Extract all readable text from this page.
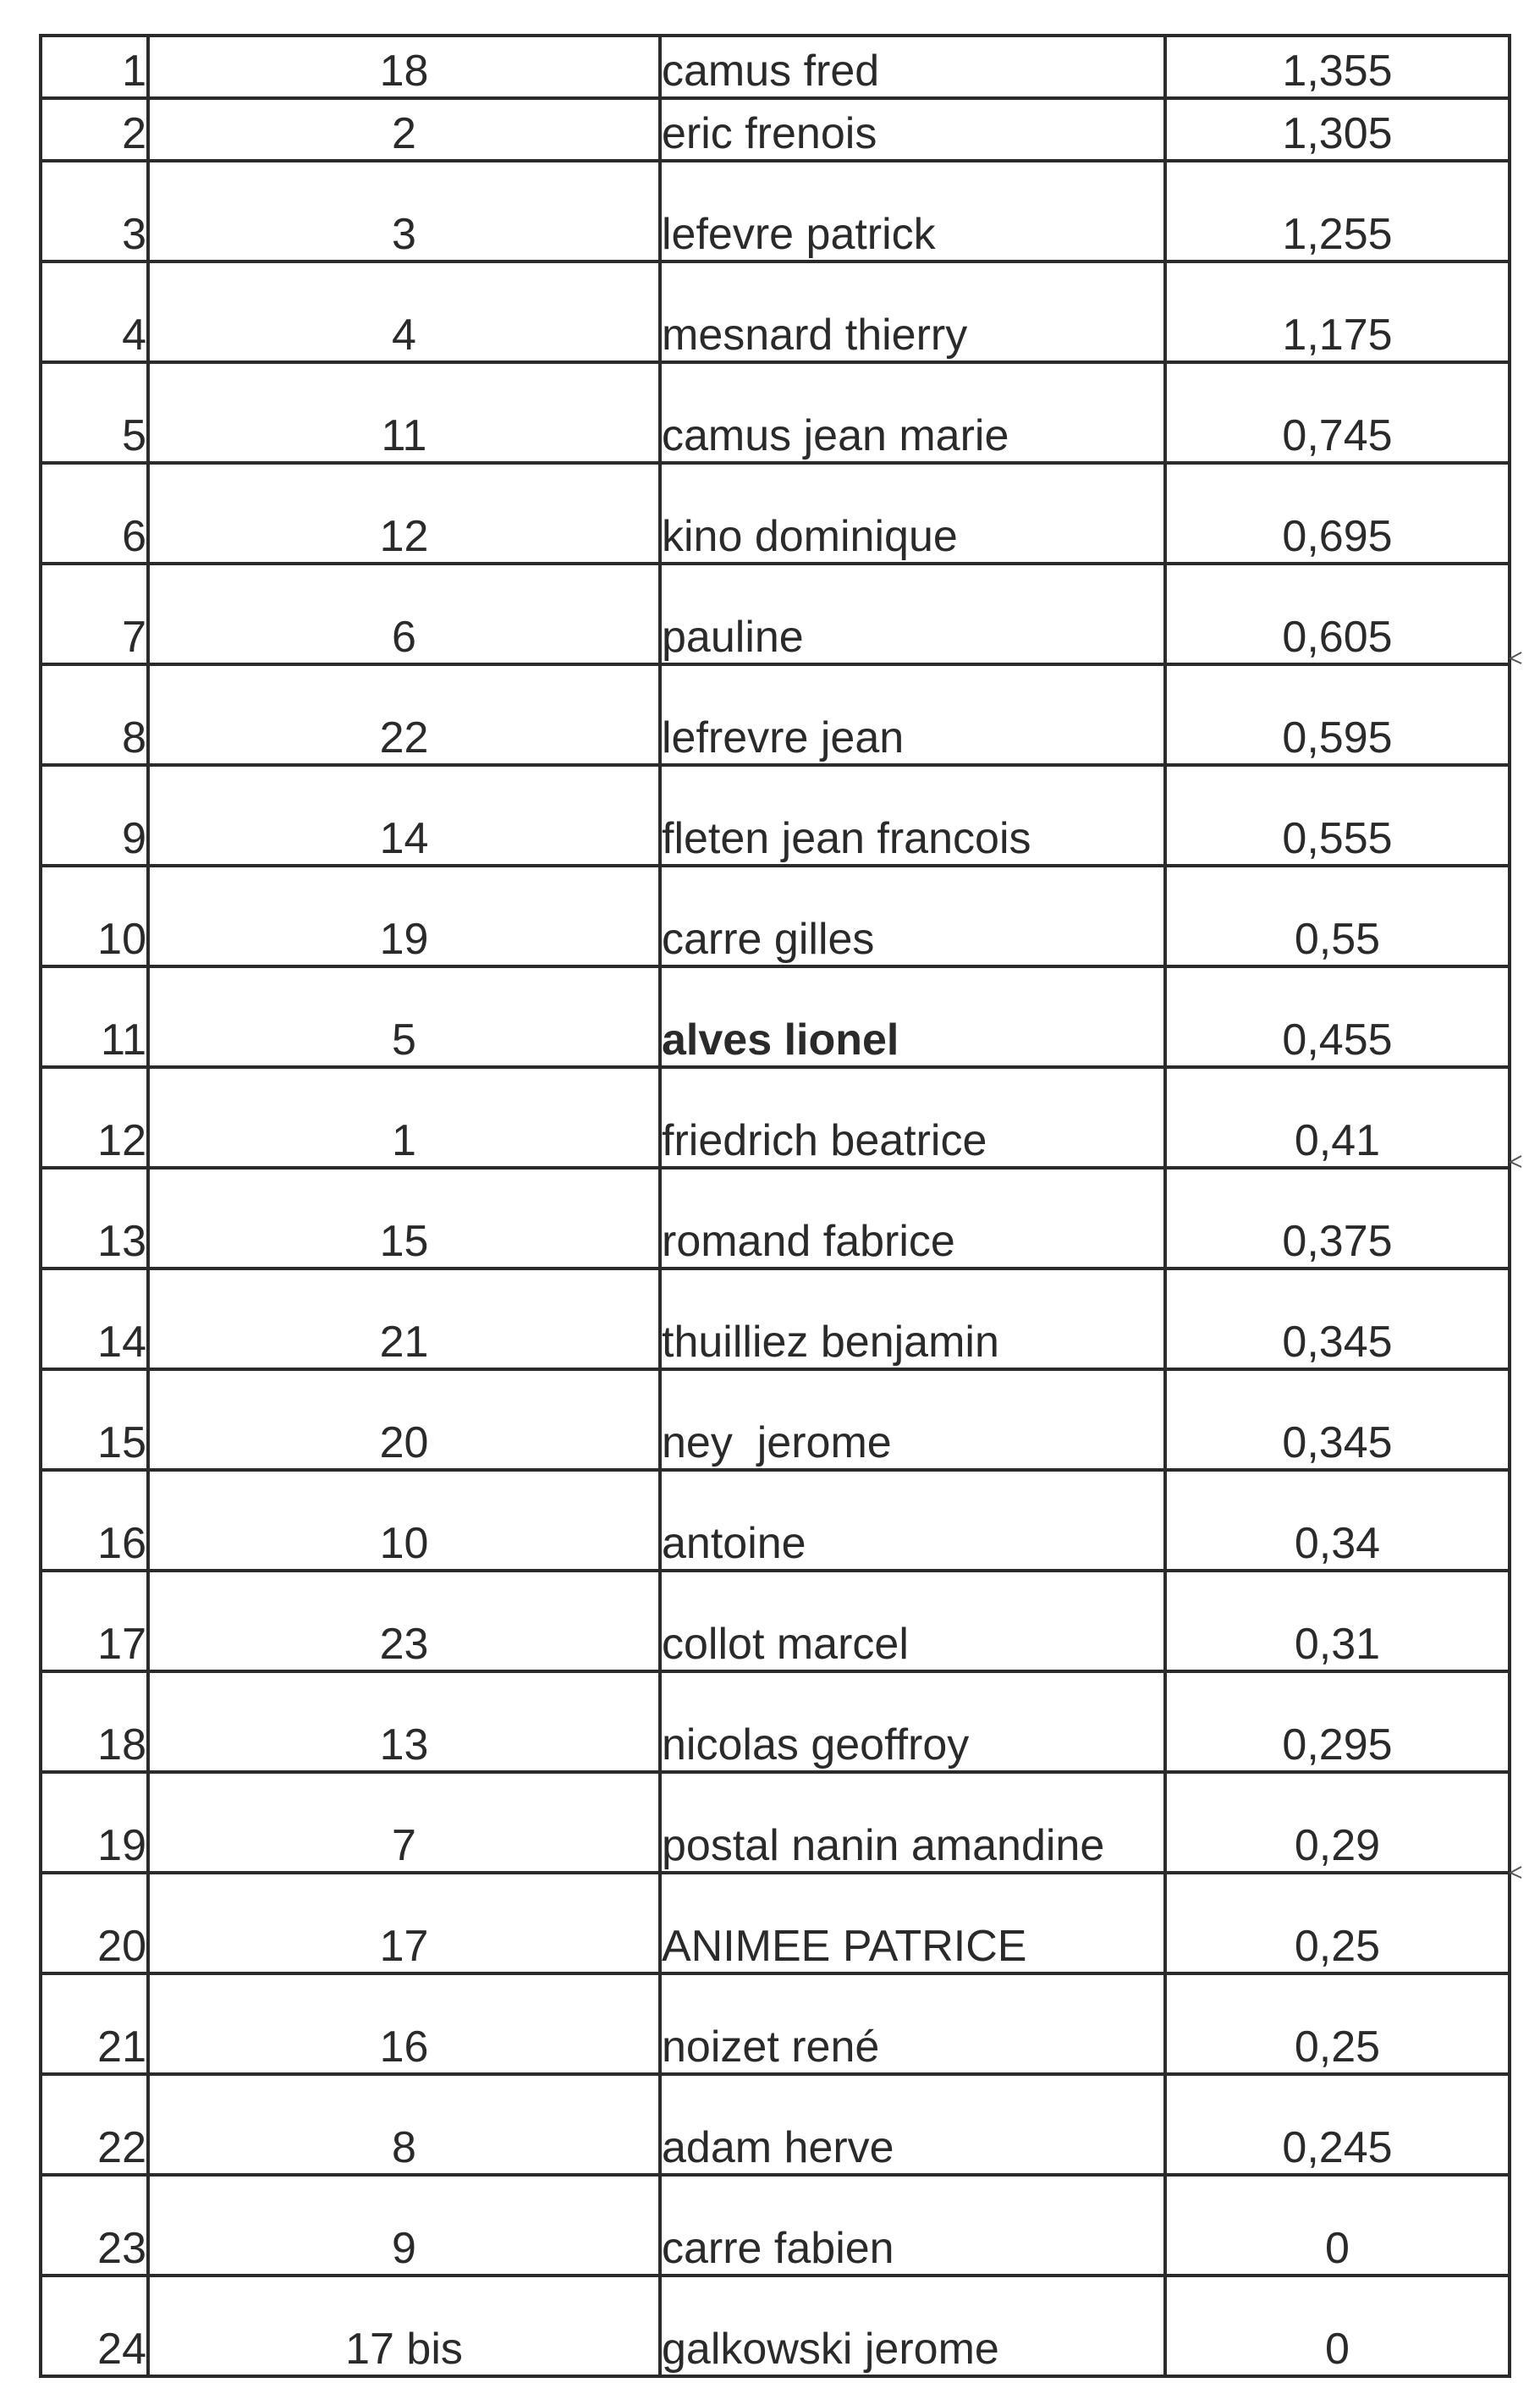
1	18	camus fred	1,355
2	2	eric frenois	1,305
3	3	lefevre patrick	1,255
4	4	mesnard thierry	1,175
5	11	camus jean marie	0,745
6	12	kino dominique	0,695
7	6	pauline	0,605
8	22	lefrevre jean	0,595
9	14	fleten jean francois	0,555
10	19	carre gilles	0,55
11	5	alves lionel	0,455
12	1	friedrich beatrice	0,41
13	15	romand fabrice	0,375
14	21	thuilliez benjamin	0,345
15	20	ney  jerome	0,345
16	10	antoine	0,34
17	23	collot marcel	0,31
18	13	nicolas geoffroy	0,295
19	7	postal nanin amandine	0,29
20	17	ANIMEE PATRICE	0,25
21	16	noizet rené	0,25
22	8	adam herve	0,245
23	9	carre fabien	0
24	17 bis	galkowski jerome	0
